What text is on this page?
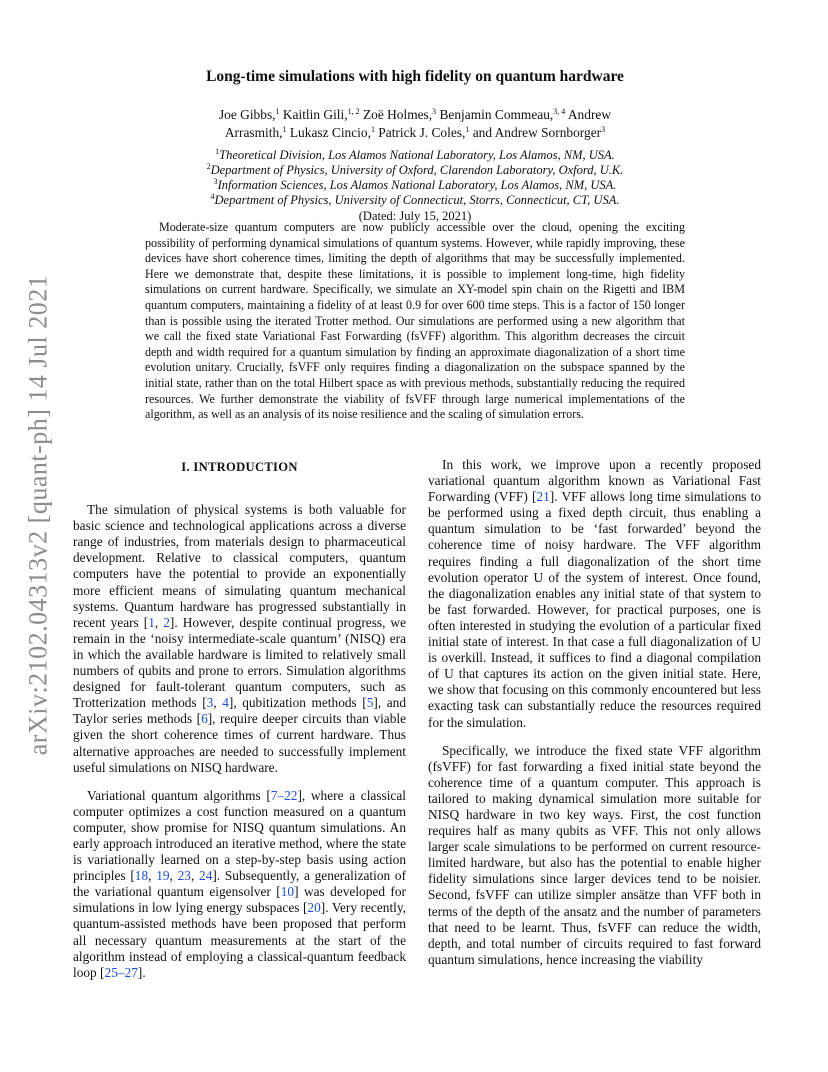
arXiv:2102.04313v2 [quant-ph] 14 Jul 2021
Long-time simulations with high fidelity on quantum hardware
Joe Gibbs,$^1$ Kaitlin Gili,$^{1, 2}$ Zoë Holmes,$^3$ Benjamin Commeau,$^{3, 4}$ Andrew
Arrasmith,$^1$ Lukasz Cincio,$^1$ Patrick J. Coles,$^1$ and Andrew Sornborger$^3$
$^1$Theoretical Division, Los Alamos National Laboratory, Los Alamos, NM, USA.
$^2$Department of Physics, University of Oxford, Clarendon Laboratory, Oxford, U.K.
$^3$Information Sciences, Los Alamos National Laboratory, Los Alamos, NM, USA.
$^4$Department of Physics, University of Connecticut, Storrs, Connecticut, CT, USA.
(Dated: July 15, 2021)

Moderate-size quantum computers are now publicly accessible over the cloud, opening the exciting possibility of performing dynamical simulations of quantum systems. However, while rapidly improving, these devices have short coherence times, limiting the depth of algorithms that may be successfully implemented. Here we demonstrate that, despite these limitations, it is possible to implement long-time, high fidelity simulations on current hardware. Specifically, we simulate an XY-model spin chain on the Rigetti and IBM quantum computers, maintaining a fidelity of at least 0.9 for over 600 time steps. This is a factor of 150 longer than is possible using the iterated Trotter method. Our simulations are performed using a new algorithm that we call the fixed state Variational Fast Forwarding (fsVFF) algorithm. This algorithm decreases the circuit depth and width required for a quantum simulation by finding an approximate diagonalization of a short time evolution unitary. Crucially, fsVFF only requires finding a diagonalization on the subspace spanned by the initial state, rather than on the total Hilbert space as with previous methods, substantially reducing the required resources. We further demonstrate the viability of fsVFF through large numerical implementations of the algorithm, as well as an analysis of its noise resilience and the scaling of simulation errors.

I. INTRODUCTION

The simulation of physical systems is both valuable for basic science and technological applications across a diverse range of industries, from materials design to pharmaceutical development. Relative to classical computers, quantum computers have the potential to provide an exponentially more efficient means of simulating quantum mechanical systems. Quantum hardware has progressed substantially in recent years [1, 2]. However, despite continual progress, we remain in the ‘noisy intermediate-scale quantum’ (NISQ) era in which the available hardware is limited to relatively small numbers of qubits and prone to errors. Simulation algorithms designed for fault-tolerant quantum computers, such as Trotterization methods [3, 4], qubitization methods [5], and Taylor series methods [6], require deeper circuits than viable given the short coherence times of current hardware. Thus alternative approaches are needed to successfully implement useful simulations on NISQ hardware.

Variational quantum algorithms [7–22], where a classical computer optimizes a cost function measured on a quantum computer, show promise for NISQ quantum simulations. An early approach introduced an iterative method, where the state is variationally learned on a step-by-step basis using action principles [18, 19, 23, 24]. Subsequently, a generalization of the variational quantum eigensolver [10] was developed for simulations in low lying energy subspaces [20]. Very recently, quantum-assisted methods have been proposed that perform all necessary quantum measurements at the start of the algorithm instead of employing a classical-quantum feedback loop [25–27].

In this work, we improve upon a recently proposed variational quantum algorithm known as Variational Fast Forwarding (VFF) [21]. VFF allows long time simulations to be performed using a fixed depth circuit, thus enabling a quantum simulation to be ‘fast forwarded’ beyond the coherence time of noisy hardware. The VFF algorithm requires finding a full diagonalization of the short time evolution operator U of the system of interest. Once found, the diagonalization enables any initial state of that system to be fast forwarded. However, for practical purposes, one is often interested in studying the evolution of a particular fixed initial state of interest. In that case a full diagonalization of U is overkill. Instead, it suffices to find a diagonal compilation of U that captures its action on the given initial state. Here, we show that focusing on this commonly encountered but less exacting task can substantially reduce the resources required for the simulation.

Specifically, we introduce the fixed state VFF algorithm (fsVFF) for fast forwarding a fixed initial state beyond the coherence time of a quantum computer. This approach is tailored to making dynamical simulation more suitable for NISQ hardware in two key ways. First, the cost function requires half as many qubits as VFF. This not only allows larger scale simulations to be performed on current resource-limited hardware, but also has the potential to enable higher fidelity simulations since larger devices tend to be noisier. Second, fsVFF can utilize simpler ansätze than VFF both in terms of the depth of the ansatz and the number of parameters that need to be learnt. Thus, fsVFF can reduce the width, depth, and total number of circuits required to fast forward quantum simulations, hence increasing the viability
